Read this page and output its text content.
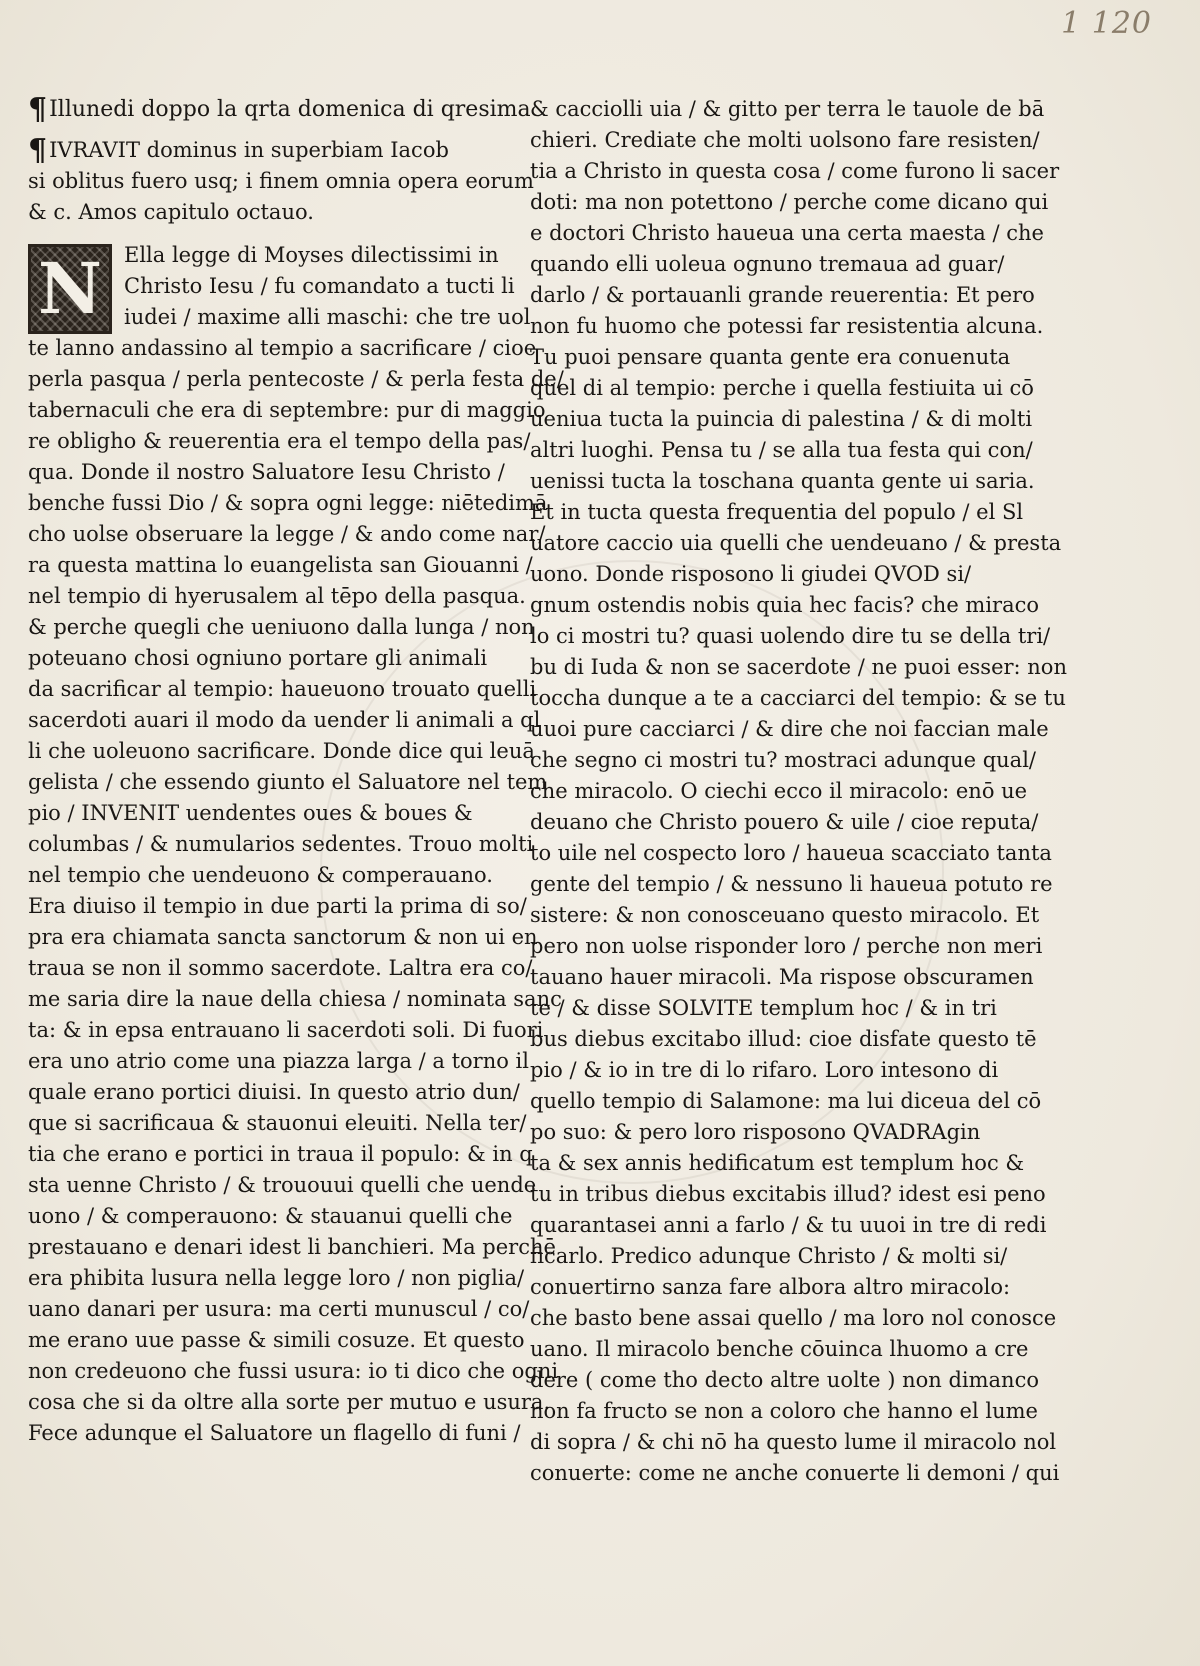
1 120
¶Illunedi doppo la qrta domenica di qresima
¶IVRAVIT dominus in superbiam Iacob
si oblitus fuero usq; i finem omnia opera eorum
& c. Amos capitulo octauo.
N	Ella legge di Moyses dilectissimi in
Christo Iesu / fu comandato a tucti li
iudei / maxime alli maschi: che tre uol
te lanno andassino al tempio a sacrificare / cioe
perla pasqua / perla pentecoste / & perla festa de/
tabernaculi che era di septembre: pur di maggio
re obligho & reuerentia era el tempo della pas/
qua. Donde il nostro Saluatore Iesu Christo /
benche fussi Dio / & sopra ogni legge: niētedimā
cho uolse obseruare la legge / & ando come nar/
ra questa mattina lo euangelista san Giouanni /
nel tempio di hyerusalem al tēpo della pasqua.
& perche quegli che ueniuono dalla lunga / non
poteuano chosi ogniuno portare gli animali
da sacrificar al tempio: haueuono trouato quelli
sacerdoti auari il modo da uender li animali a ql
li che uoleuono sacrificare. Donde dice qui leuā
gelista / che essendo giunto el Saluatore nel tem
pio / INVENIT uendentes oues & boues &
columbas / & numularios sedentes. Trouo molti
nel tempio che uendeuono & comperauano.
Era diuiso il tempio in due parti la prima di so/
pra era chiamata sancta sanctorum & non ui en
traua se non il sommo sacerdote. Laltra era co/
me saria dire la naue della chiesa / nominata sanc
ta: & in epsa entrauano li sacerdoti soli. Di fuori
era uno atrio come una piazza larga / a torno il
quale erano portici diuisi. In questo atrio dun/
que si sacrificaua & stauonui eleuiti. Nella ter/
tia che erano e portici in traua il populo: & in q
sta uenne Christo / & trououui quelli che uende
uono / & comperauono: & stauanui quelli che
prestauano e denari idest li banchieri. Ma perchē
era phibita lusura nella legge loro / non piglia/
uano danari per usura: ma certi munuscul / co/
me erano uue passe & simili cosuze. Et questo
non credeuono che fussi usura: io ti dico che ogni
cosa che si da oltre alla sorte per mutuo e usura.
Fece adunque el Saluatore un flagello di funi /
& cacciolli uia / & gitto per terra le tauole de bā
chieri. Crediate che molti uolsono fare resisten/
tia a Christo in questa cosa / come furono li sacer
doti: ma non potettono / perche come dicano qui
e doctori Christo haueua una certa maesta / che
quando elli uoleua ognuno tremaua ad guar/
darlo / & portauanli grande reuerentia: Et pero
non fu huomo che potessi far resistentia alcuna.
Tu puoi pensare quanta gente era conuenuta
quel di al tempio: perche i quella festiuita ui cō
ueniua tucta la puincia di palestina / & di molti
altri luoghi. Pensa tu / se alla tua festa qui con/
uenissi tucta la toschana quanta gente ui saria.
Et in tucta questa frequentia del populo / el Sl
uatore caccio uia quelli che uendeuano / & presta
uono. Donde risposono li giudei QVOD si/
gnum ostendis nobis quia hec facis? che miraco
lo ci mostri tu? quasi uolendo dire tu se della tri/
bu di Iuda & non se sacerdote / ne puoi esser: non
toccha dunque a te a cacciarci del tempio: & se tu
uuoi pure cacciarci / & dire che noi faccian male
che segno ci mostri tu? mostraci adunque qual/
che miracolo. O ciechi ecco il miracolo: enō ue
deuano che Christo pouero & uile / cioe reputa/
to uile nel cospecto loro / haueua scacciato tanta
gente del tempio / & nessuno li haueua potuto re
sistere: & non conosceuano questo miracolo. Et
pero non uolse risponder loro / perche non meri
tauano hauer miracoli. Ma rispose obscuramen
te / & disse SOLVITE templum hoc / & in tri
bus diebus excitabo illud: cioe disfate questo tē
pio / & io in tre di lo rifaro. Loro intesono di
quello tempio di Salamone: ma lui diceua del cō
po suo: & pero loro risposono QVADRAgin
ta & sex annis hedificatum est templum hoc &
tu in tribus diebus excitabis illud? idest esi peno
quarantasei anni a farlo / & tu uuoi in tre di redi
ficarlo. Predico adunque Christo / & molti si/
conuertirno sanza fare albora altro miracolo:
che basto bene assai quello / ma loro nol conosce
uano. Il miracolo benche cōuinca lhuomo a cre
dere ( come tho decto altre uolte ) non dimanco
non fa fructo se non a coloro che hanno el lume
di sopra / & chi nō ha questo lume il miracolo nol
conuerte: come ne anche conuerte li demoni / qui
